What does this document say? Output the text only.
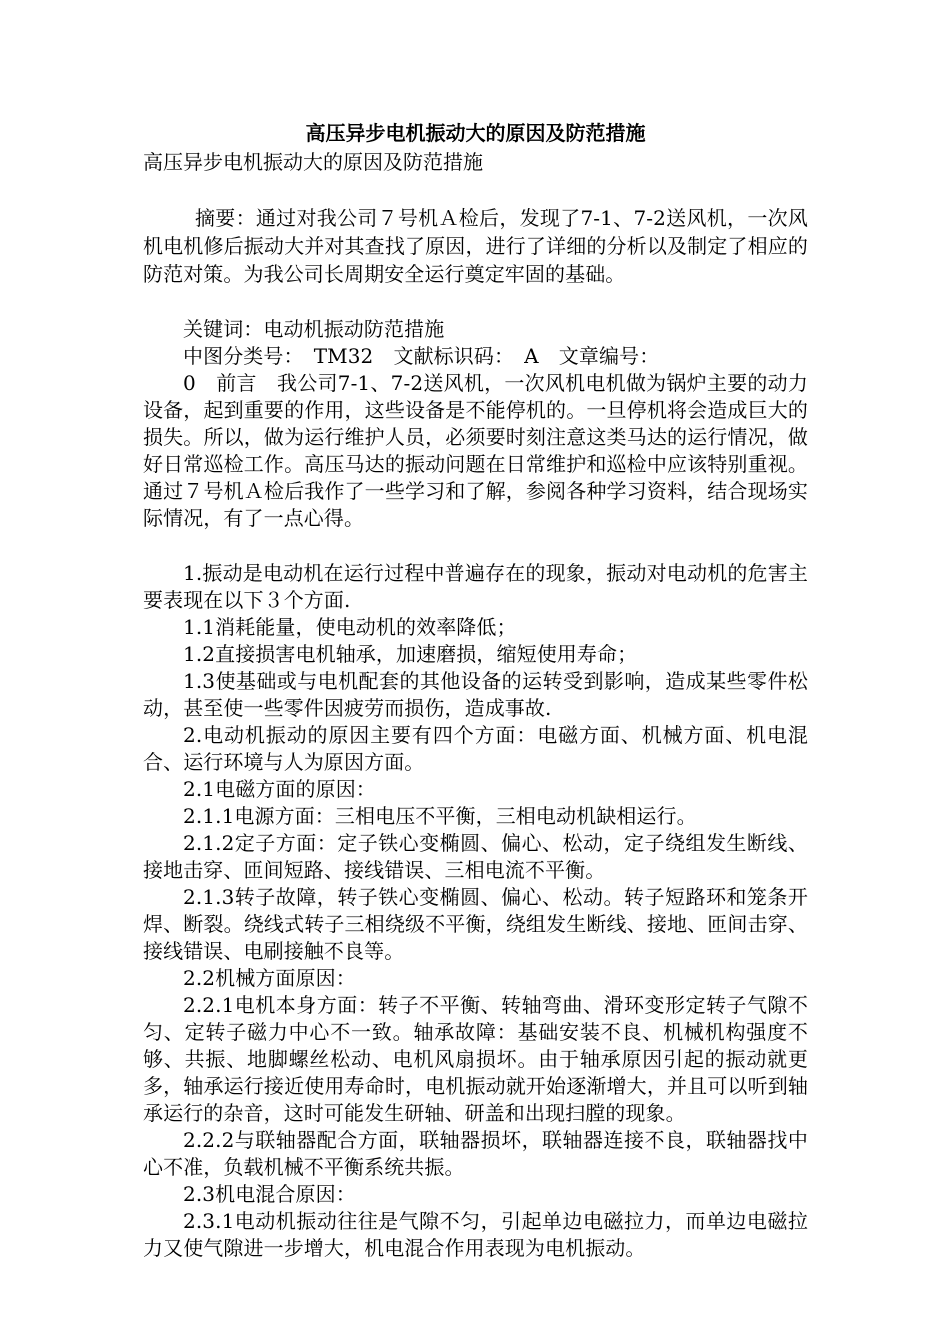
高压异步电机振动大的原因及防范措施

高压异步电机振动大的原因及防范措施

摘要：通过对我公司７号机Ａ检后，发现了7-1、7-2送风机，一次风机电机修后振动大并对其查找了原因，进行了详细的分析以及制定了相应的防范对策。为我公司长周期安全运行奠定牢固的基础。

关键词：电动机振动防范措施

中图分类号：　TM32　文献标识码：　A　文章编号：

0　前言　我公司7-1、7-2送风机，一次风机电机做为锅炉主要的动力设备，起到重要的作用，这些设备是不能停机的。一旦停机将会造成巨大的损失。所以，做为运行维护人员，必须要时刻注意这类马达的运行情况，做好日常巡检工作。高压马达的振动问题在日常维护和巡检中应该特别重视。通过７号机Ａ检后我作了一些学习和了解，参阅各种学习资料，结合现场实际情况，有了一点心得。

1.振动是电动机在运行过程中普遍存在的现象，振动对电动机的危害主要表现在以下３个方面.

1.1消耗能量，使电动机的效率降低；

1.2直接损害电机轴承，加速磨损，缩短使用寿命；

1.3使基础或与电机配套的其他设备的运转受到影响，造成某些零件松动，甚至使一些零件因疲劳而损伤，造成事故.

2.电动机振动的原因主要有四个方面：电磁方面、机械方面、机电混合、运行环境与人为原因方面。

2.1电磁方面的原因：

2.1.1电源方面：三相电压不平衡，三相电动机缺相运行。

2.1.2定子方面：定子铁心变椭圆、偏心、松动，定子绕组发生断线、接地击穿、匝间短路、接线错误、三相电流不平衡。

2.1.3转子故障，转子铁心变椭圆、偏心、松动。转子短路环和笼条开焊、断裂。绕线式转子三相绕级不平衡，绕组发生断线、接地、匝间击穿、接线错误、电刷接触不良等。

2.2机械方面原因：

2.2.1电机本身方面：转子不平衡、转轴弯曲、滑环变形定转子气隙不匀、定转子磁力中心不一致。轴承故障：基础安装不良、机械机构强度不够、共振、地脚螺丝松动、电机风扇损坏。由于轴承原因引起的振动就更多，轴承运行接近使用寿命时，电机振动就开始逐渐增大，并且可以听到轴承运行的杂音，这时可能发生研轴、研盖和出现扫膛的现象。

2.2.2与联轴器配合方面，联轴器损坏，联轴器连接不良，联轴器找中心不准，负载机械不平衡系统共振。

2.3机电混合原因：

2.3.1电动机振动往往是气隙不匀，引起单边电磁拉力，而单边电磁拉力又使气隙进一步增大，机电混合作用表现为电机振动。
